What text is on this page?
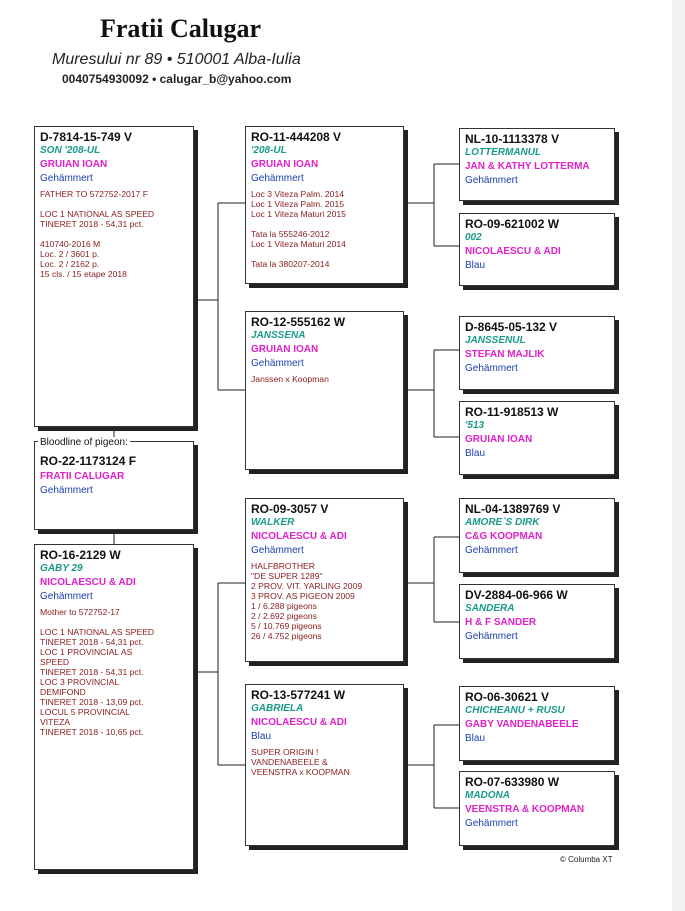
Fratii Calugar
Muresului nr 89 • 510001 Alba-Iulia
0040754930092 • calugar_b@yahoo.com
D-7814-15-749 V
SON '208-UL
GRUIAN IOAN
Gehämmert
FATHER TO 572752-2017 F
LOC 1 NATIONAL AS SPEED
TINERET 2018 - 54,31 pct.
410740-2016 M
Loc. 2 / 3601 p.
Loc. 2 / 2162 p.
15 cls. / 15 etape 2018
RO-22-1173124 F
FRATII CALUGAR
Gehämmert
Bloodline of pigeon:
RO-16-2129 W
GABY 29
NICOLAESCU & ADI
Gehämmert
Mother to 572752-17
LOC 1 NATIONAL AS SPEED
TINERET 2018 - 54,31 pct.
LOC 1 PROVINCIAL AS
SPEED
TINERET 2018 - 54,31 pct.
LOC 3 PROVINCIAL
DEMIFOND
TINERET 2018 - 13,09 pct.
LOCUL 5 PROVINCIAL
VITEZA
TINERET 2018 - 10,65 pct.
RO-11-444208 V
'208-UL
GRUIAN IOAN
Gehämmert
Loc 3 Viteza Palm. 2014
Loc 1 Viteza Palm. 2015
Loc 1 Viteza Maturi 2015
Tata la 555246-2012
Loc 1 Viteza Maturi 2014
Tata la 380207-2014
RO-12-555162 W
JANSSENA
GRUIAN IOAN
Gehämmert
Janssen x Koopman
RO-09-3057 V
WALKER
NICOLAESCU & ADI
Gehämmert
HALFBROTHER
"DE SUPER 1289"
2 PROV. VIT. YARLING 2009
3 PROV. AS PIGEON 2009
1 / 6.288 pigeons
2 / 2.692 pigeons
5 / 10.769 pigeons
26 / 4.752 pigeons
RO-13-577241 W
GABRIELA
NICOLAESCU & ADI
Blau
SUPER ORIGIN !
VANDENABEELE &
VEENSTRA x KOOPMAN
NL-10-1113378 V
LOTTERMANUL
JAN & KATHY LOTTERMA
Gehämmert
RO-09-621002 W
002
NICOLAESCU & ADI
Blau
D-8645-05-132 V
JANSSENUL
STEFAN MAJLIK
Gehämmert
RO-11-918513 W
'513
GRUIAN IOAN
Blau
NL-04-1389769 V
AMORE`S DIRK
C&G KOOPMAN
Gehämmert
DV-2884-06-966 W
SANDERA
H & F SANDER
Gehämmert
RO-06-30621 V
CHICHEANU + RUSU
GABY VANDENABEELE
Blau
RO-07-633980 W
MADONA
VEENSTRA & KOOPMAN
Gehämmert
© Columba XT
